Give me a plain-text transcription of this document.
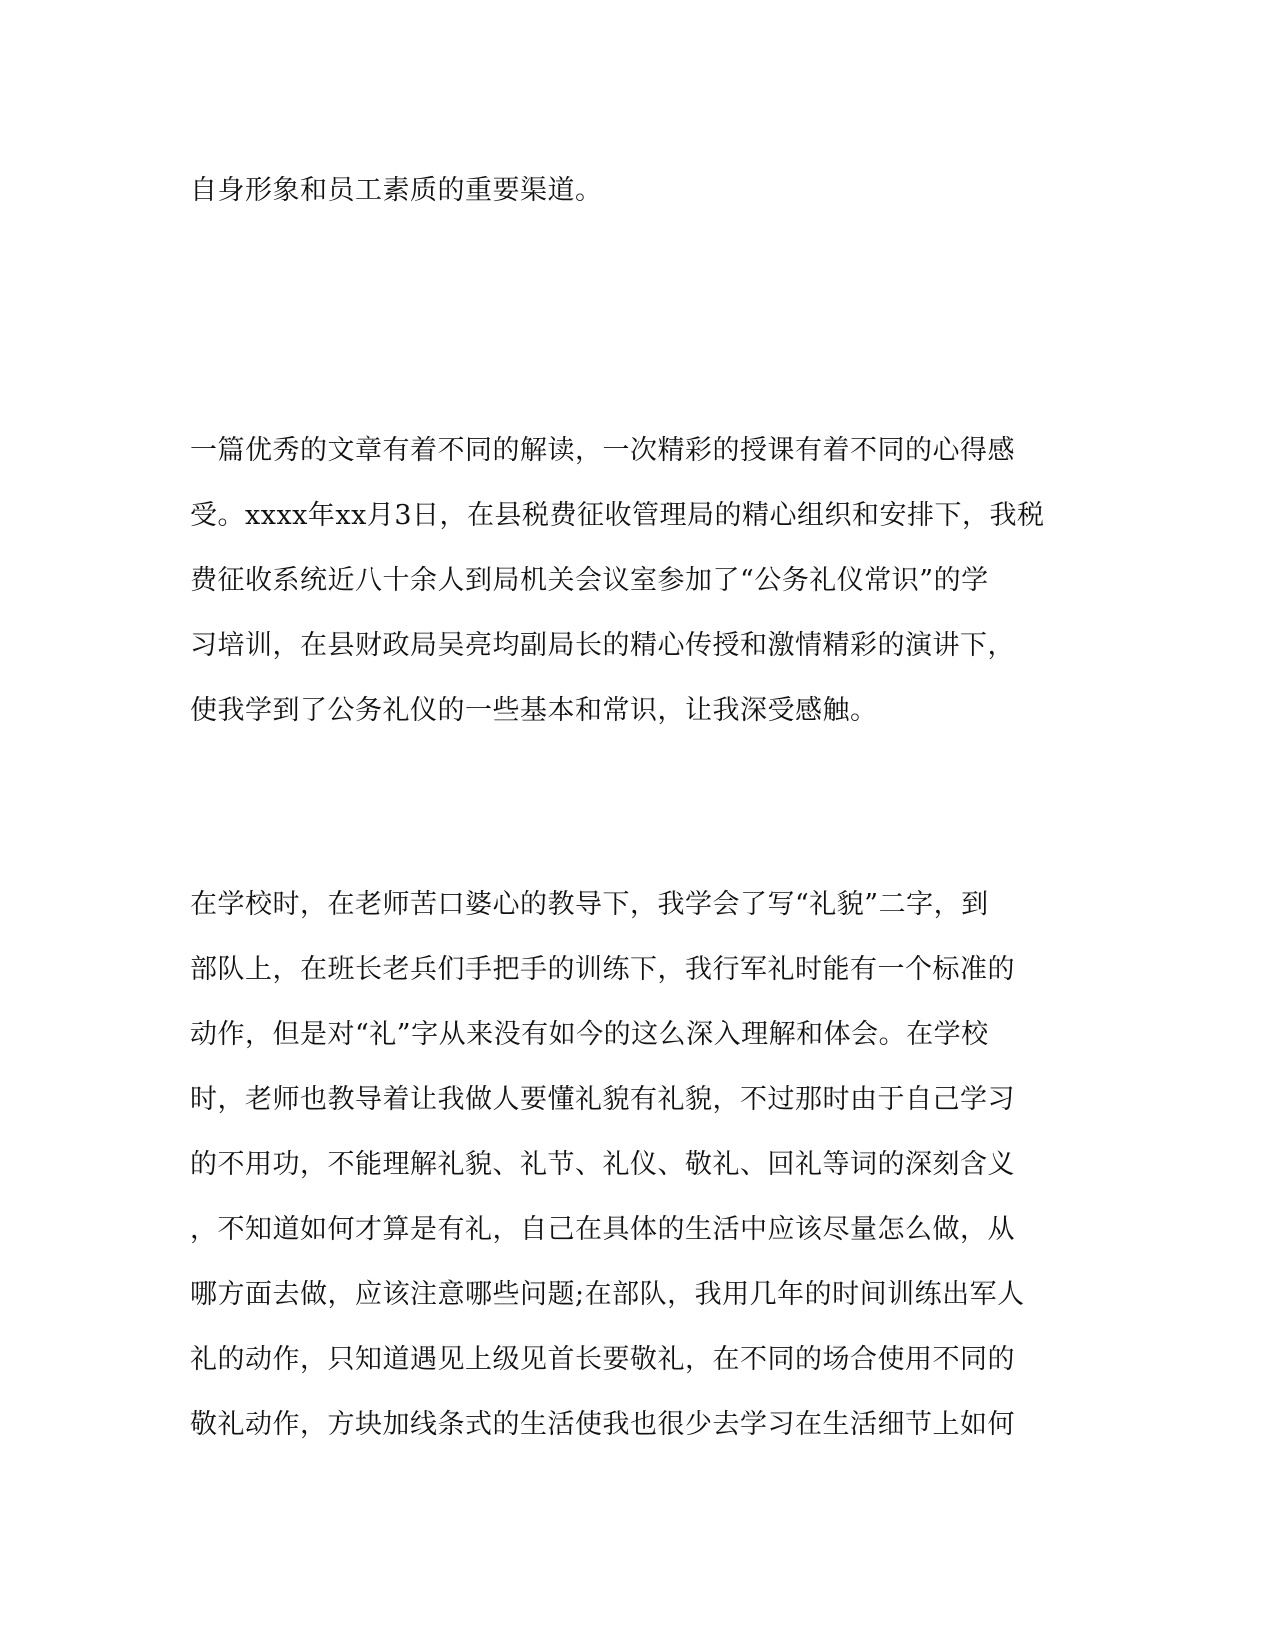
自身形象和员工素质的重要渠道。
一篇优秀的文章有着不同的解读，一次精彩的授课有着不同的心得感
受。xxxx年xx月3日，在县税费征收管理局的精心组织和安排下，我税
费征收系统近八十余人到局机关会议室参加了“公务礼仪常识”的学
习培训，在县财政局吴亮均副局长的精心传授和激情精彩的演讲下，
使我学到了公务礼仪的一些基本和常识，让我深受感触。
在学校时，在老师苦口婆心的教导下，我学会了写“礼貌”二字，到
部队上，在班长老兵们手把手的训练下，我行军礼时能有一个标准的
动作，但是对“礼”字从来没有如今的这么深入理解和体会。在学校
时，老师也教导着让我做人要懂礼貌有礼貌，不过那时由于自己学习
的不用功，不能理解礼貌、礼节、礼仪、敬礼、回礼等词的深刻含义
，不知道如何才算是有礼，自己在具体的生活中应该尽量怎么做，从
哪方面去做，应该注意哪些问题;在部队，我用几年的时间训练出军人
礼的动作，只知道遇见上级见首长要敬礼，在不同的场合使用不同的
敬礼动作，方块加线条式的生活使我也很少去学习在生活细节上如何
